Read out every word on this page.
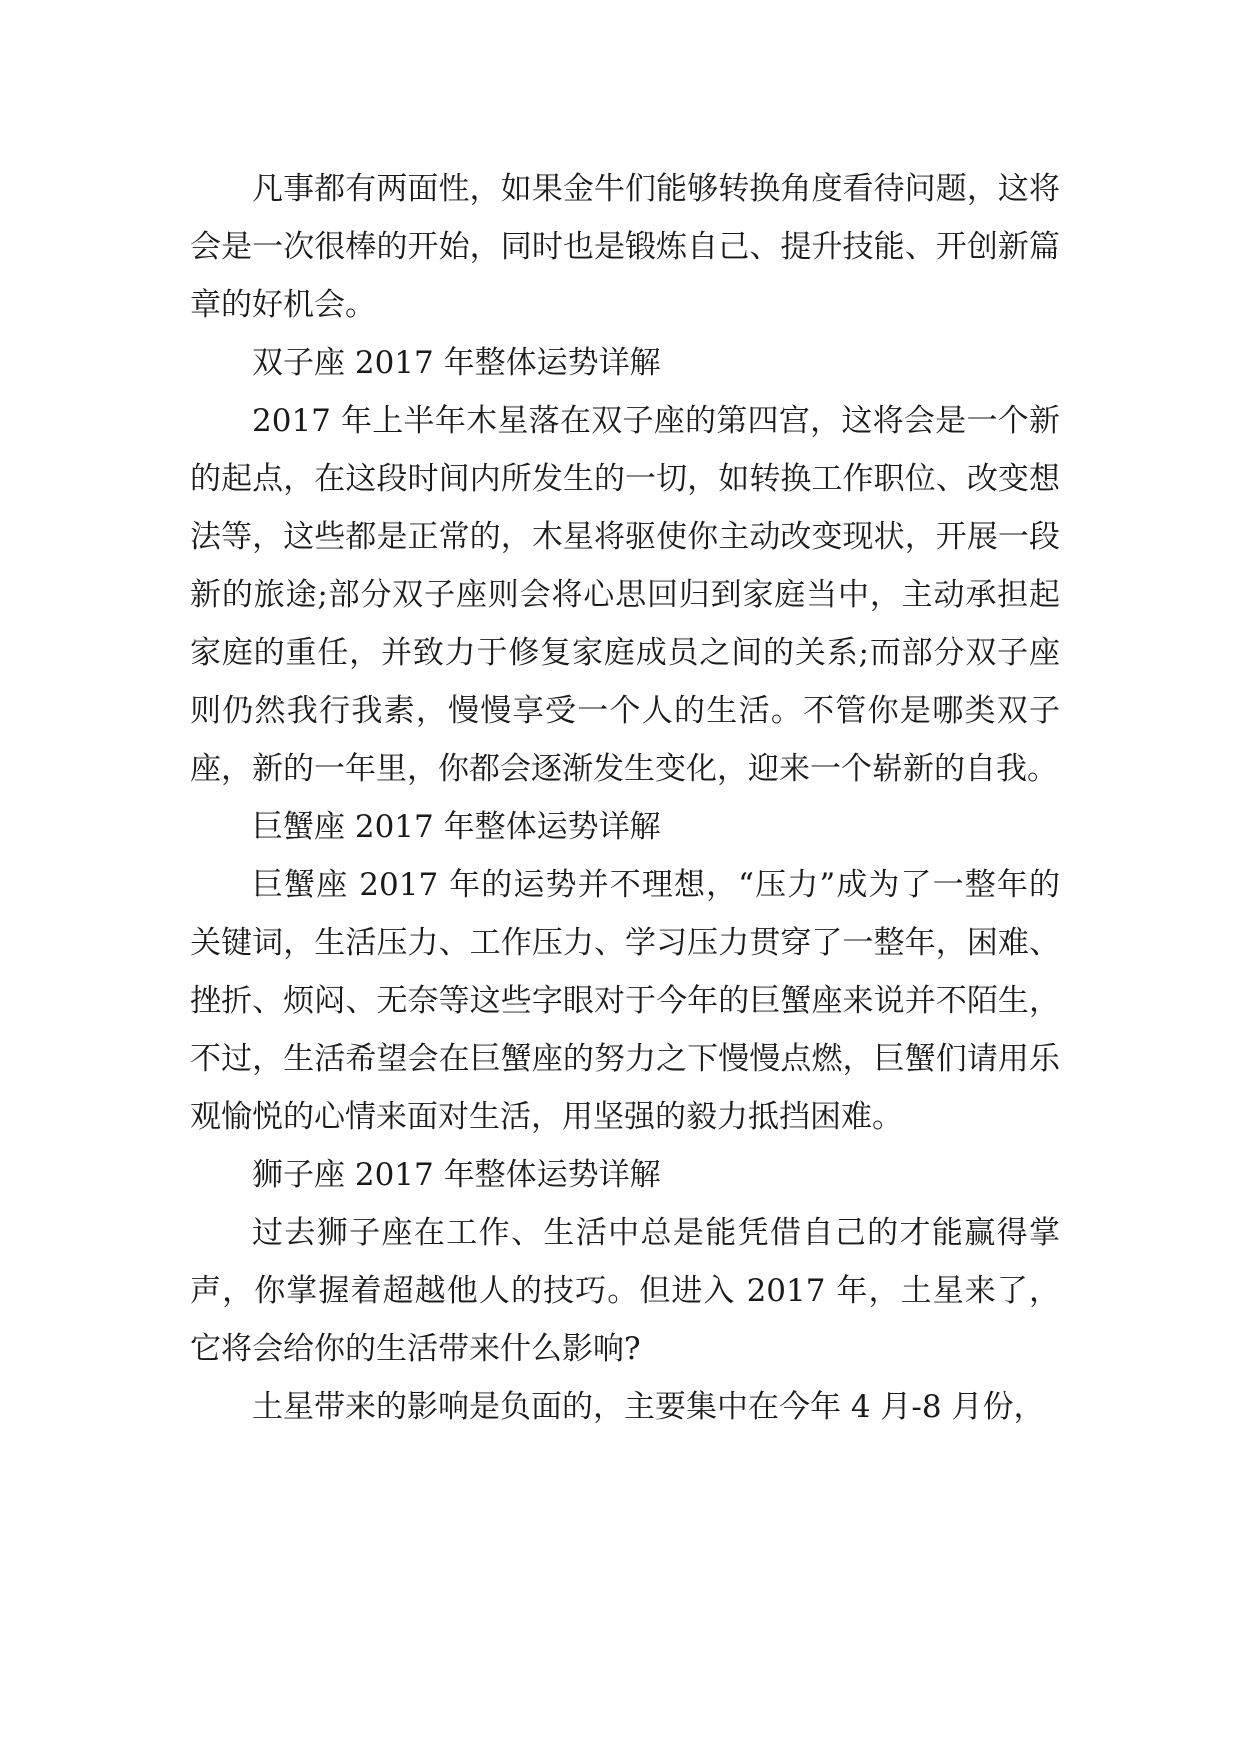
凡事都有两面性，如果金牛们能够转换角度看待问题，这将会是一次很棒的开始，同时也是锻炼自己、提升技能、开创新篇章的好机会。

双子座 2017 年整体运势详解

2017 年上半年木星落在双子座的第四宫，这将会是一个新的起点，在这段时间内所发生的一切，如转换工作职位、改变想法等，这些都是正常的，木星将驱使你主动改变现状，开展一段新的旅途;部分双子座则会将心思回归到家庭当中，主动承担起家庭的重任，并致力于修复家庭成员之间的关系;而部分双子座则仍然我行我素，慢慢享受一个人的生活。不管你是哪类双子座，新的一年里，你都会逐渐发生变化，迎来一个崭新的自我。

巨蟹座 2017 年整体运势详解

巨蟹座 2017 年的运势并不理想，“压力”成为了一整年的关键词，生活压力、工作压力、学习压力贯穿了一整年，困难、挫折、烦闷、无奈等这些字眼对于今年的巨蟹座来说并不陌生，不过，生活希望会在巨蟹座的努力之下慢慢点燃，巨蟹们请用乐观愉悦的心情来面对生活，用坚强的毅力抵挡困难。

狮子座 2017 年整体运势详解

过去狮子座在工作、生活中总是能凭借自己的才能赢得掌声，你掌握着超越他人的技巧。但进入 2017 年，土星来了，它将会给你的生活带来什么影响?

土星带来的影响是负面的，主要集中在今年 4 月-8 月份，
